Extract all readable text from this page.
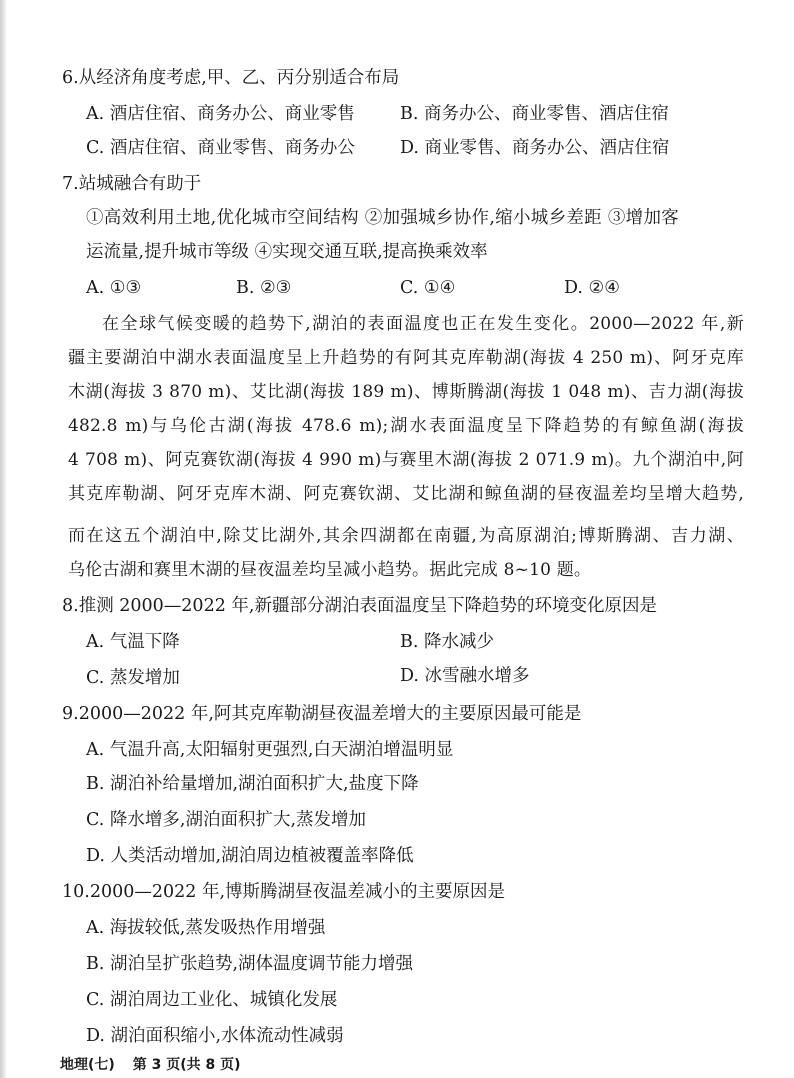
6.从经济角度考虑,甲、乙、丙分别适合布局
A. 酒店住宿、商务办公、商业零售	B. 商务办公、商业零售、酒店住宿
C. 酒店住宿、商业零售、商务办公	D. 商业零售、商务办公、酒店住宿
7.站城融合有助于
①高效利用土地,优化城市空间结构 ②加强城乡协作,缩小城乡差距 ③增加客
运流量,提升城市等级 ④实现交通互联,提高换乘效率
A. ①③	B. ②③	C. ①④	D. ②④
在全球气候变暖的趋势下,湖泊的表面温度也正在发生变化。2000—2022 年,新
疆主要湖泊中湖水表面温度呈上升趋势的有阿其克库勒湖(海拔 4 250 m)、阿牙克库
木湖(海拔 3 870 m)、艾比湖(海拔 189 m)、博斯腾湖(海拔 1 048 m)、吉力湖(海拔
482.8 m)与乌伦古湖(海拔 478.6 m);湖水表面温度呈下降趋势的有鲸鱼湖(海拔
4 708 m)、阿克赛钦湖(海拔 4 990 m)与赛里木湖(海拔 2 071.9 m)。九个湖泊中,阿
其克库勒湖、阿牙克库木湖、阿克赛钦湖、艾比湖和鲸鱼湖的昼夜温差均呈增大趋势,
而在这五个湖泊中,除艾比湖外,其余四湖都在南疆,为高原湖泊;博斯腾湖、吉力湖、
乌伦古湖和赛里木湖的昼夜温差均呈减小趋势。据此完成 8~10 题。
8.推测 2000—2022 年,新疆部分湖泊表面温度呈下降趋势的环境变化原因是
A. 气温下降	B. 降水减少
C. 蒸发增加	D. 冰雪融水增多
9.2000—2022 年,阿其克库勒湖昼夜温差增大的主要原因最可能是
A. 气温升高,太阳辐射更强烈,白天湖泊增温明显
B. 湖泊补给量增加,湖泊面积扩大,盐度下降
C. 降水增多,湖泊面积扩大,蒸发增加
D. 人类活动增加,湖泊周边植被覆盖率降低
10.2000—2022 年,博斯腾湖昼夜温差减小的主要原因是
A. 海拔较低,蒸发吸热作用增强
B. 湖泊呈扩张趋势,湖体温度调节能力增强
C. 湖泊周边工业化、城镇化发展
D. 湖泊面积缩小,水体流动性减弱
地理(七) 第 3 页(共 8 页)
